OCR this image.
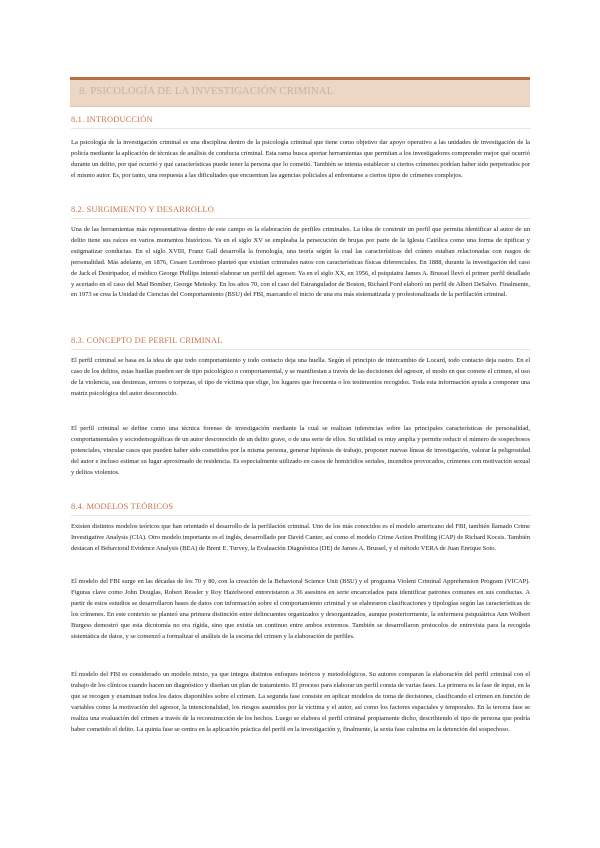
8. PSICOLOGÍA DE LA INVESTIGACIÓN CRIMINAL
8.1. INTRODUCCIÓN

La psicología de la investigación criminal es una disciplina dentro de la psicología criminal que tiene como objetivo dar apoyo operativo a las unidades de investigación de la policía mediante la aplicación de técnicas de análisis de conducta criminal. Esta rama busca aportar herramientas que permitan a los investigadores comprender mejor qué ocurrió durante un delito, por qué ocurrió y qué características puede tener la persona que lo cometió. También se intenta establecer si ciertos crímenes podrían haber sido perpetrados por el mismo autor. Es, por tanto, una respuesta a las dificultades que encuentran las agencias policiales al enfrentarse a ciertos tipos de crímenes complejos.

8.2. SURGIMIENTO Y DESARROLLO

Una de las herramientas más representativas dentro de este campo es la elaboración de perfiles criminales. La idea de construir un perfil que permita identificar al autor de un delito tiene sus raíces en varios momentos históricos. Ya en el siglo XV se empleaba la persecución de brujas por parte de la Iglesia Católica como una forma de tipificar y estigmatizar conductas. En el siglo XVIII, Franz Gall desarrolla la frenología, una teoría según la cual las características del cráneo estaban relacionadas con rasgos de personalidad. Más adelante, en 1876, Cesare Lombroso planteó que existían criminales natos con características físicas diferenciales. En 1888, durante la investigación del caso de Jack el Destripador, el médico George Phillips intentó elaborar un perfil del agresor. Ya en el siglo XX, en 1956, el psiquiatra James A. Brussel llevó el primer perfil detallado y acertado en el caso del Mad Bomber, George Metesky. En los años 70, con el caso del Estrangulador de Boston, Richard Ford elaboró un perfil de Albert DeSalvo. Finalmente, en 1973 se crea la Unidad de Ciencias del Comportamiento (BSU) del FBI, marcando el inicio de una era más sistematizada y profesionalizada de la perfilación criminal.

8.3. CONCEPTO DE PERFIL CRIMINAL

El perfil criminal se basa en la idea de que todo comportamiento y todo contacto deja una huella. Según el principio de intercambio de Locard, todo contacto deja rastro. En el caso de los delitos, estas huellas pueden ser de tipo psicológico o comportamental, y se manifiestan a través de las decisiones del agresor, el modo en que comete el crimen, el uso de la violencia, sus destrezas, errores o torpezas, el tipo de víctima que elige, los lugares que frecuenta o los testimonios recogidos. Toda esta información ayuda a componer una matriz psicológica del autor desconocido.

El perfil criminal se define como una técnica forense de investigación mediante la cual se realizan inferencias sobre las principales características de personalidad, comportamentales y sociodemográficas de un autor desconocido de un delito grave, o de una serie de ellos. Su utilidad es muy amplia y permite reducir el número de sospechosos potenciales, vincular casos que pueden haber sido cometidos por la misma persona, generar hipótesis de trabajo, proponer nuevas líneas de investigación, valorar la peligrosidad del autor e incluso estimar su lugar aproximado de residencia. Es especialmente utilizado en casos de homicidios seriales, incendios provocados, crímenes con motivación sexual y delitos violentos.

8.4. MODELOS TEÓRICOS

Existen distintos modelos teóricos que han orientado el desarrollo de la perfilación criminal. Uno de los más conocidos es el modelo americano del FBI, también llamado Crime Investigative Analysis (CIA). Otro modelo importante es el inglés, desarrollado por David Canter, así como el modelo Crime Action Profiling (CAP) de Richard Kocsis. También destacan el Behavioral Evidence Analysis (BEA) de Brent E. Turvey, la Evaluación Diagnóstica (DE) de James A. Brussel, y el método VERA de Juan Enrique Soto.

El modelo del FBI surge en las décadas de los 70 y 80, con la creación de la Behavioral Science Unit (BSU) y el programa Violent Criminal Apprehension Program (VICAP). Figuras clave como John Douglas, Robert Ressler y Roy Hazelwood entrevistaron a 36 asesinos en serie encarcelados para identificar patrones comunes en sus conductas. A partir de estos estudios se desarrollaron bases de datos con información sobre el comportamiento criminal y se elaboraron clasificaciones y tipologías según las características de los crímenes. En este contexto se planteó una primera distinción entre delincuentes organizados y desorganizados, aunque posteriormente, la enfermera psiquiátrica Ann Wolbert Burgess demostró que esta dicotomía no era rígida, sino que existía un continuo entre ambos extremos. También se desarrollaron protocolos de entrevista para la recogida sistemática de datos, y se comenzó a formalizar el análisis de la escena del crimen y la elaboración de perfiles.

El modelo del FBI es considerado un modelo mixto, ya que integra distintos enfoques teóricos y metodológicos. Su autores comparan la elaboración del perfil criminal con el trabajo de los clínicos cuando hacen un diagnóstico y diseñan un plan de tratamiento. El proceso para elaborar un perfil consta de varias fases. La primera es la fase de input, en la que se recogen y examinan todos los datos disponibles sobre el crimen. La segunda fase consiste en aplicar modelos de toma de decisiones, clasificando el crimen en función de variables como la motivación del agresor, la intencionalidad, los riesgos asumidos por la víctima y el autor, así como los factores espaciales y temporales. En la tercera fase se realiza una evaluación del crimen a través de la reconstrucción de los hechos. Luego se elabora el perfil criminal propiamente dicho, describiendo el tipo de persona que podría haber cometido el delito. La quinta fase se centra en la aplicación práctica del perfil en la investigación y, finalmente, la sexta fase culmina en la detención del sospechoso.
